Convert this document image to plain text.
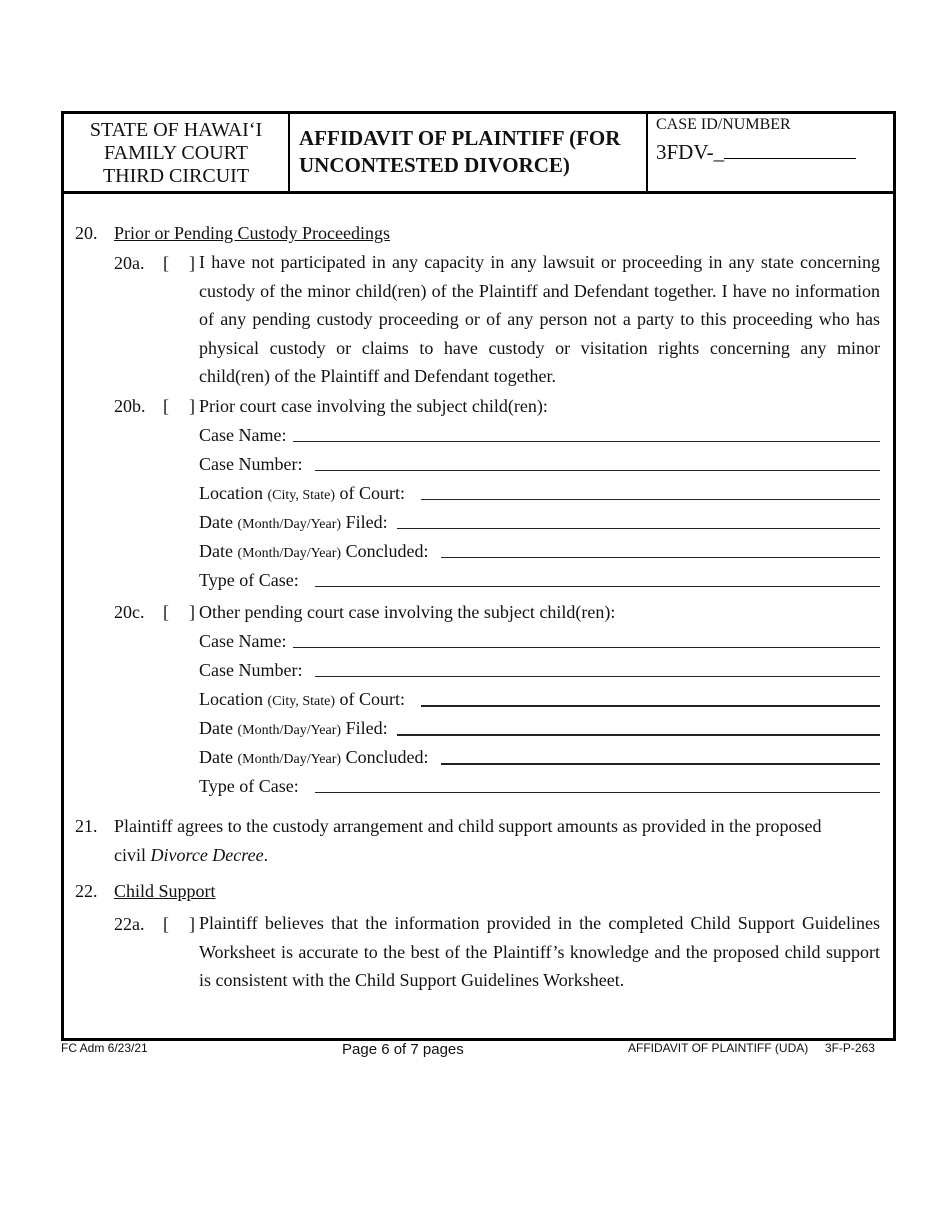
STATE OF HAWAI‘I
FAMILY COURT
THIRD CIRCUIT
AFFIDAVIT OF PLAINTIFF (FOR
UNCONTESTED DIVORCE)
CASE ID/NUMBER
3FDV-_
20. Prior or Pending Custody Proceedings
20a. [ ] I have not participated in any capacity in any lawsuit or proceeding in any state concerning custody of the minor child(ren) of the Plaintiff and Defendant together. I have no information of any pending custody proceeding or of any person not a party to this proceeding who has physical custody or claims to have custody or visitation rights concerning any minor child(ren) of the Plaintiff and Defendant together.
20b. [ ] Prior court case involving the subject child(ren):
Case Name:
Case Number:
Location (City, State) of Court:
Date (Month/Day/Year) Filed:
Date (Month/Day/Year) Concluded:
Type of Case:
20c. [ ] Other pending court case involving the subject child(ren):
Case Name:
Case Number:
Location (City, State) of Court:
Date (Month/Day/Year) Filed:
Date (Month/Day/Year) Concluded:
Type of Case:
21. Plaintiff agrees to the custody arrangement and child support amounts as provided in the proposed
civil Divorce Decree.
22. Child Support
22a. [ ] Plaintiff believes that the information provided in the completed Child Support Guidelines Worksheet is accurate to the best of the Plaintiff’s knowledge and the proposed child support is consistent with the Child Support Guidelines Worksheet.
FC Adm 6/23/21	Page 6 of 7 pages	AFFIDAVIT OF PLAINTIFF (UDA)     3F-P-263
